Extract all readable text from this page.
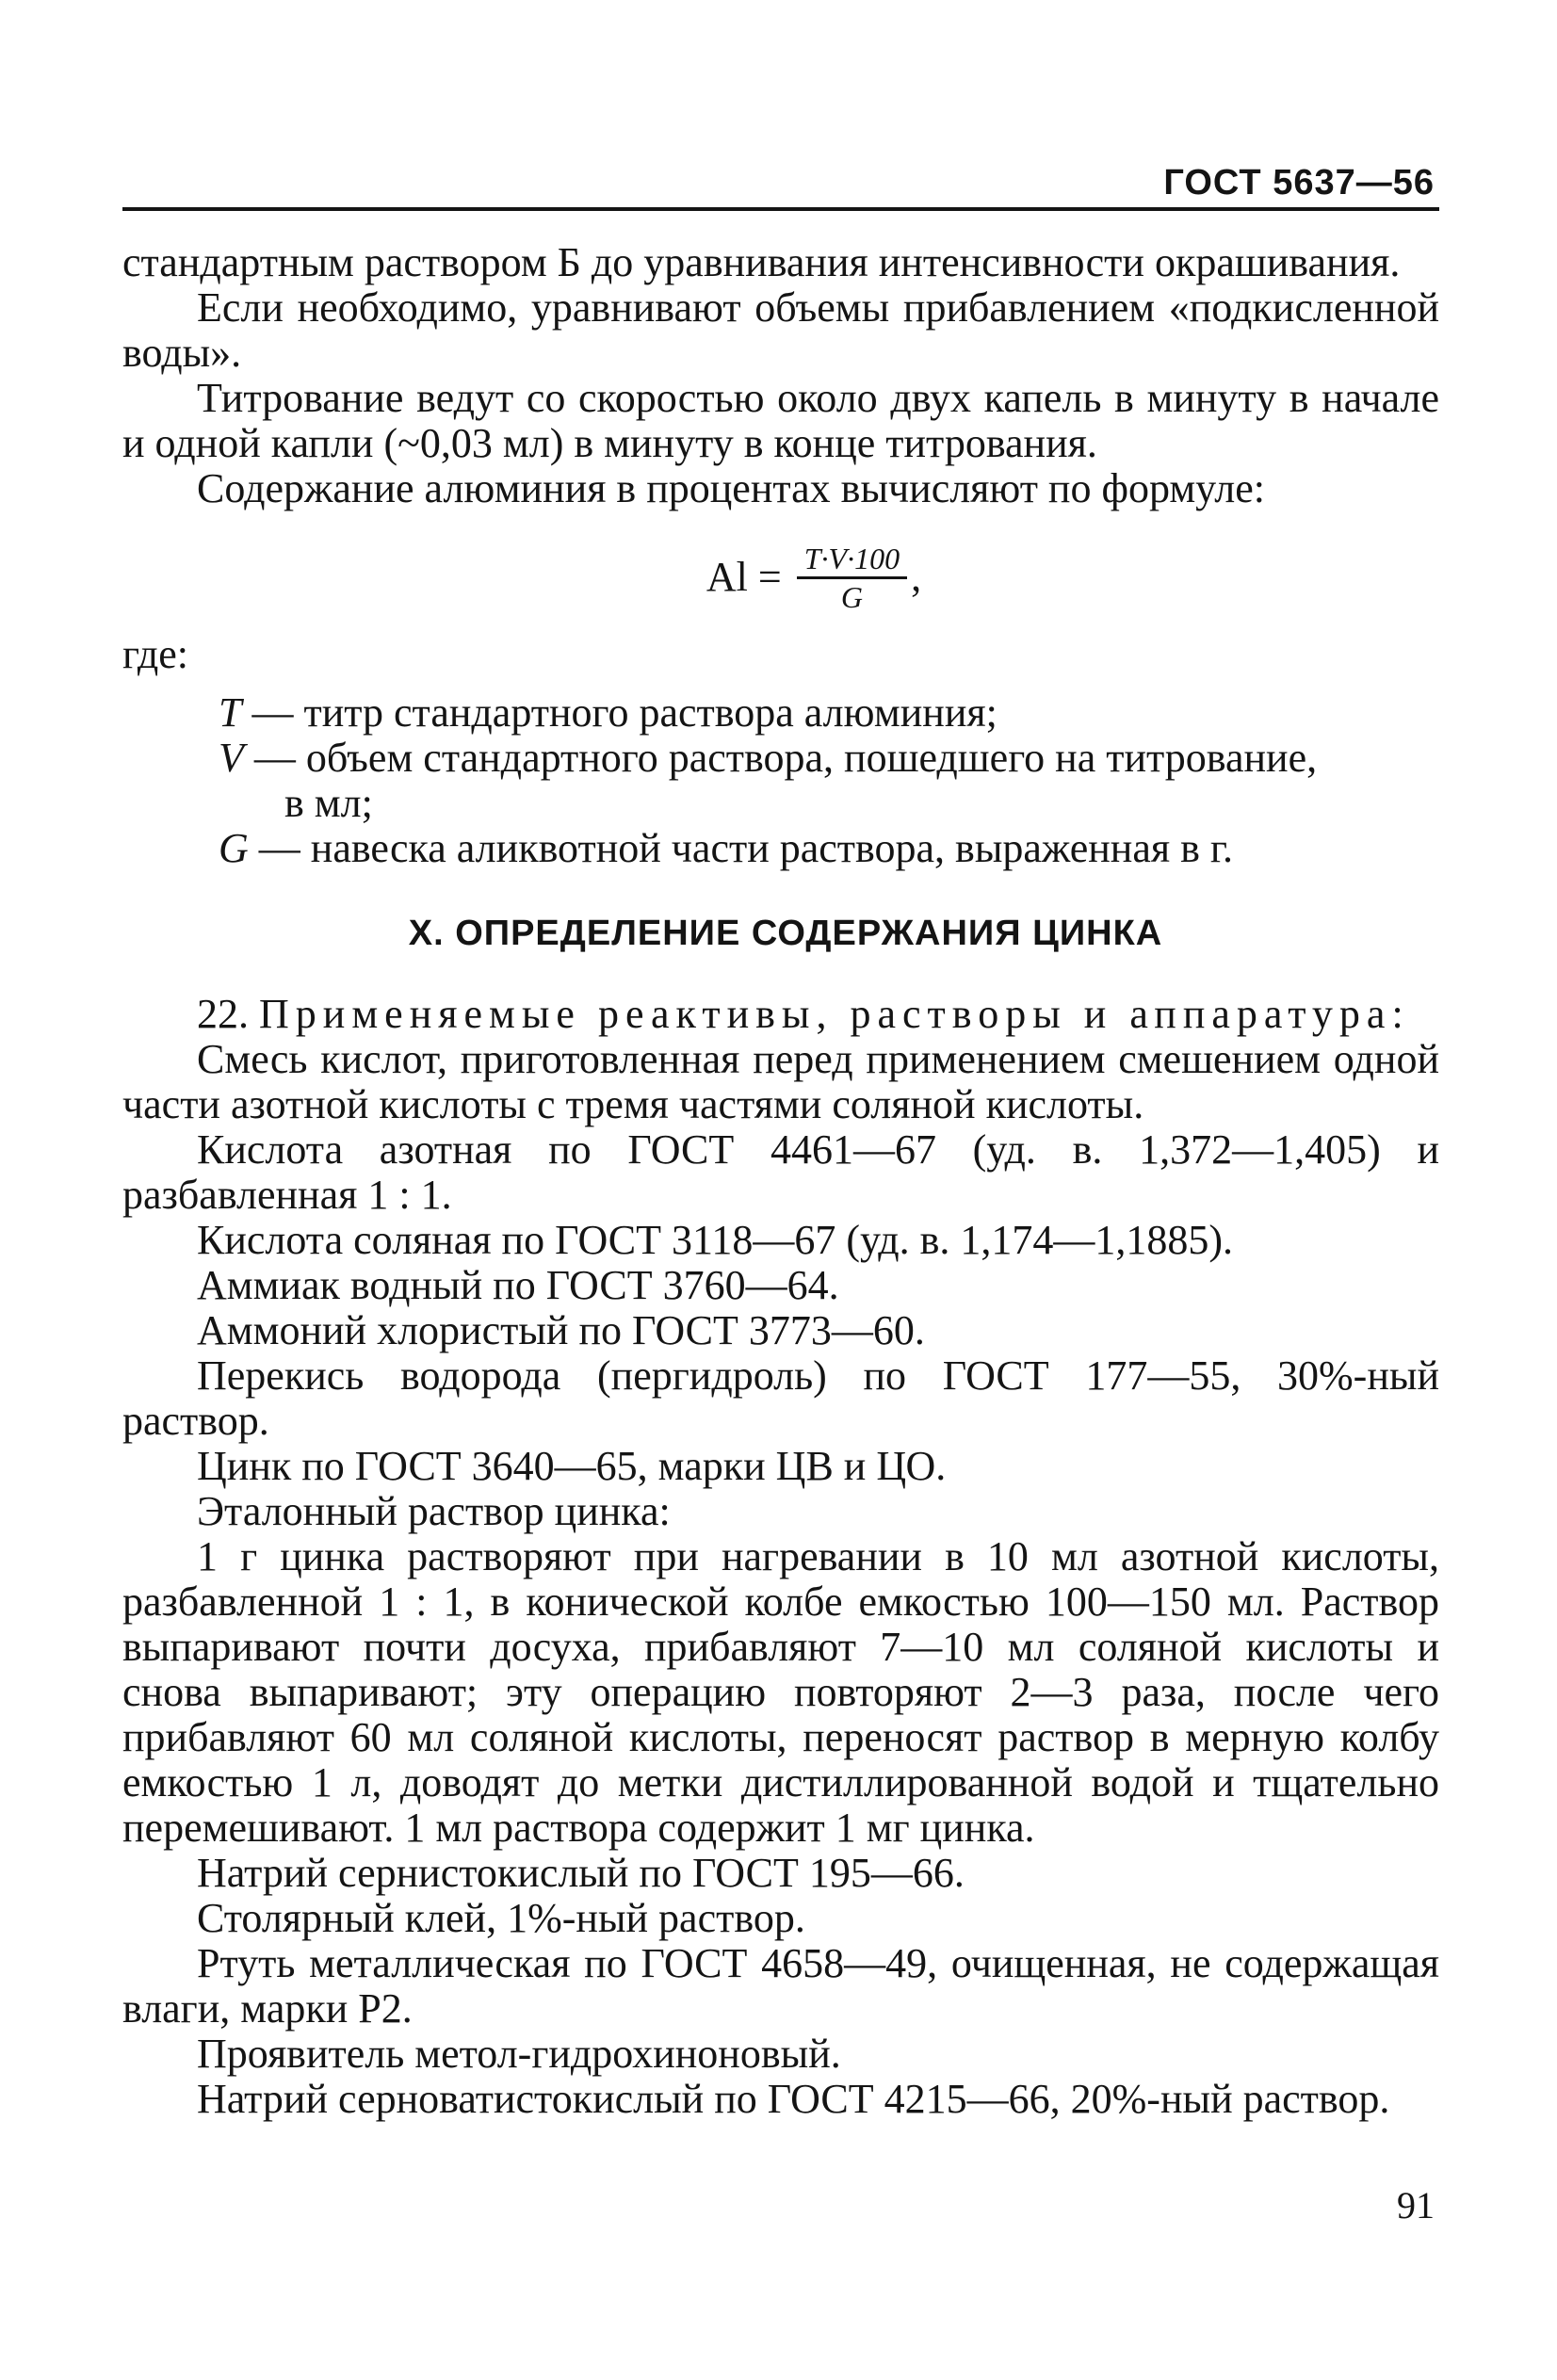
ГОСТ 5637—56

стандартным раствором Б до уравнивания интенсивности окрашивания.

Если необходимо, уравнивают объемы прибавлением «подкисленной воды».

Титрование ведут со скоростью около двух капель в минуту в начале и одной капли (~0,03 мл) в минуту в конце титрования.

Содержание алюминия в процентах вычисляют по формуле:

$Al = \frac{T\cdot V\cdot 100}{G}$ ,

где:

T — титр стандартного раствора алюминия;

V — объем стандартного раствора, пошедшего на титрование,
в мл;

G — навеска аликвотной части раствора, выраженная в г.

X. ОПРЕДЕЛЕНИЕ СОДЕРЖАНИЯ ЦИНКА

22. Применяемые реактивы, растворы и аппаратура:

Смесь кислот, приготовленная перед применением смешением одной части азотной кислоты с тремя частями соляной кислоты.

Кислота азотная по ГОСТ 4461—67 (уд. в. 1,372—1,405) и разбавленная 1 : 1.

Кислота соляная по ГОСТ 3118—67 (уд. в. 1,174—1,1885).

Аммиак водный по ГОСТ 3760—64.

Аммоний хлористый по ГОСТ 3773—60.

Перекись водорода (пергидроль) по ГОСТ 177—55, 30%-ный раствор.

Цинк по ГОСТ 3640—65, марки ЦВ и ЦО.

Эталонный раствор цинка:

1 г цинка растворяют при нагревании в 10 мл азотной кислоты, разбавленной 1 : 1, в конической колбе емкостью 100—150 мл. Раствор выпаривают почти досуха, прибавляют 7—10 мл соляной кислоты и снова выпаривают; эту операцию повторяют 2—3 раза, после чего прибавляют 60 мл соляной кислоты, переносят раствор в мерную колбу емкостью 1 л, доводят до метки дистиллированной водой и тщательно перемешивают. 1 мл раствора содержит 1 мг цинка.

Натрий сернистокислый по ГОСТ 195—66.

Столярный клей, 1%-ный раствор.

Ртуть металлическая по ГОСТ 4658—49, очищенная, не содержащая влаги, марки Р2.

Проявитель метол-гидрохиноновый.

Натрий серноватистокислый по ГОСТ 4215—66, 20%-ный раствор.

91
